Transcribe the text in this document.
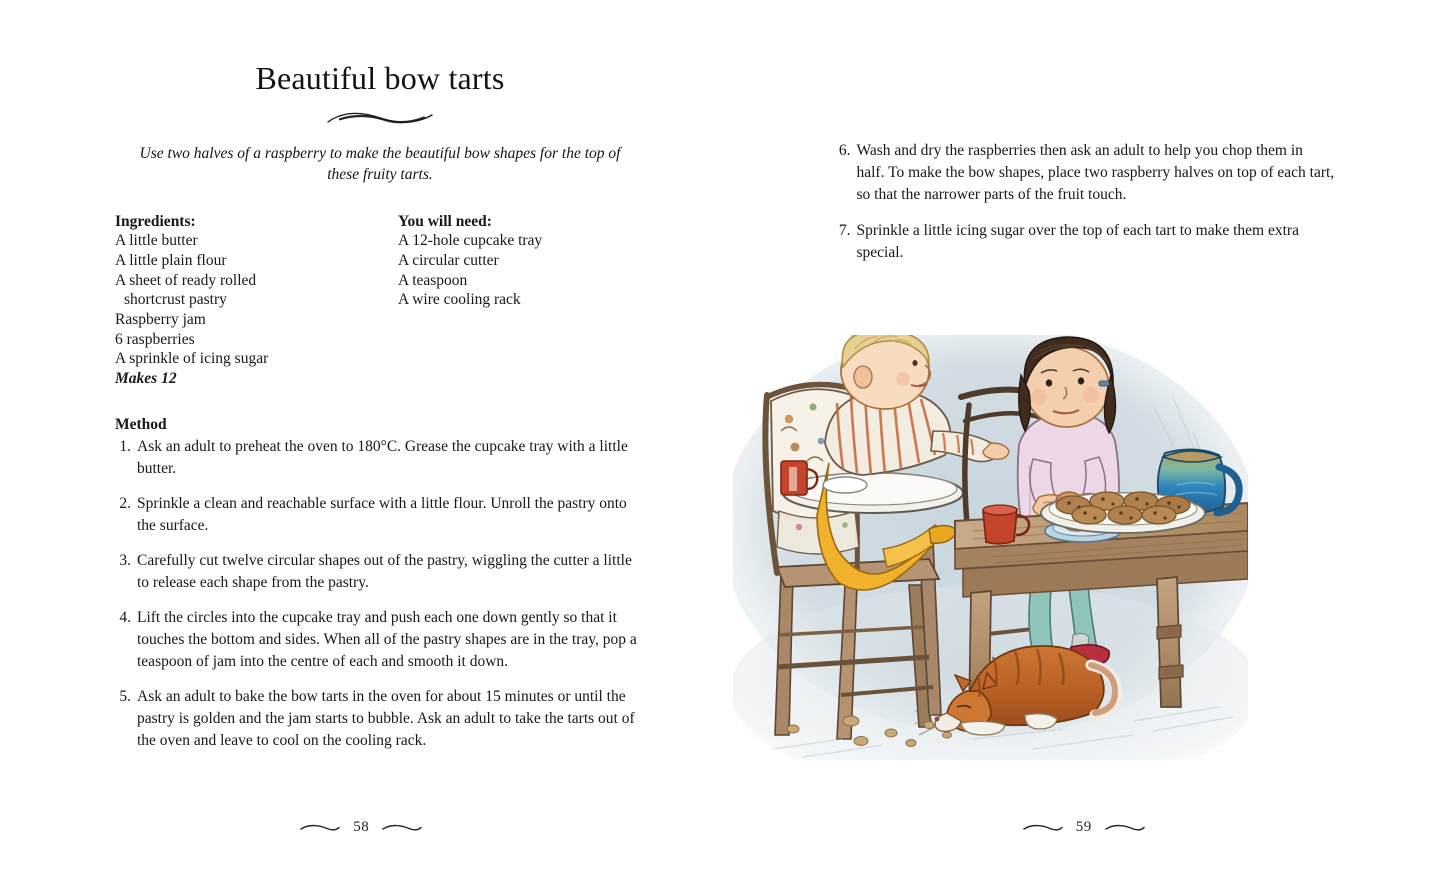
Beautiful bow tarts

Use two halves of a raspberry to make the beautiful bow shapes for the top of these fruity tarts.

Ingredients:
A little butter
A little plain flour
A sheet of ready rolled
shortcrust pastry
Raspberry jam
6 raspberries
A sprinkle of icing sugar
Makes 12
You will need:
A 12-hole cupcake tray
A circular cutter
A teaspoon
A wire cooling rack
Method
1. Ask an adult to preheat the oven to 180°C. Grease the cupcake tray with a little butter.
2. Sprinkle a clean and reachable surface with a little flour. Unroll the pastry onto the surface.
3. Carefully cut twelve circular shapes out of the pastry, wiggling the cutter a little to release each shape from the pastry.
4. Lift the circles into the cupcake tray and push each one down gently so that it touches the bottom and sides. When all of the pastry shapes are in the tray, pop a teaspoon of jam into the centre of each and smooth it down.
5. Ask an adult to bake the bow tarts in the oven for about 15 minutes or until the pastry is golden and the jam starts to bubble. Ask an adult to take the tarts out of the oven and leave to cool on the cooling rack.
58
6. Wash and dry the raspberries then ask an adult to help you chop them in half. To make the bow shapes, place two raspberry halves on top of each tart, so that the narrower parts of the fruit touch.
7. Sprinkle a little icing sugar over the top of each tart to make them extra special.
59
